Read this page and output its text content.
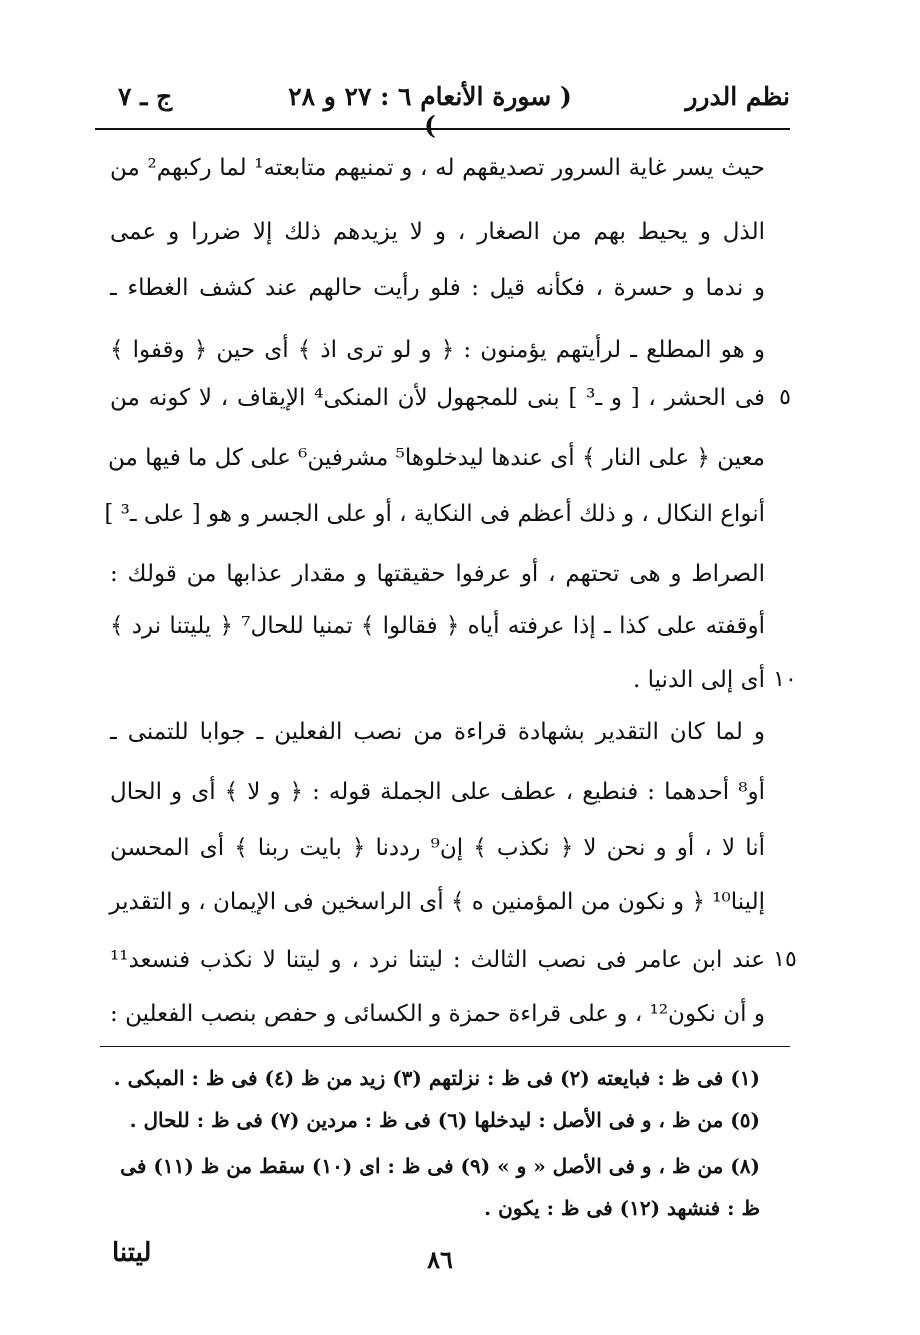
ج ـ ٧	( سورة الأنعام ٦ : ٢٧ و ٢٨ )
نظم الدرر
حيث يسر غاية السرور تصديقهم له ، و تمنيهم متابعته¹ لما ركبهم² من
الذل و يحيط بهم من الصغار ، و لا يزيدهم ذلك إلا ضررا و عمى
و ندما و حسرة ، فكأنه قيل : فلو رأيت حالهم عند كشف الغطاء ـ
و هو المطلع ـ لرأيتهم يؤمنون : ﴿ و لو ترى اذ ﴾ أى حين ﴿ وقفوا ﴾
فى الحشر ، [ و ـ³ ] بنى للمجهول لأن المنكى⁴ الإيقاف ، لا كونه من ٥
معين ﴿ على النار ﴾ أى عندها ليدخلوها⁵ مشرفين⁶ على كل ما فيها من
أنواع النكال ، و ذلك أعظم فى النكاية ، أو على الجسر و هو [ على ـ³ ]
الصراط و هى تحتهم ، أو عرفوا حقيقتها و مقدار عذابها من قولك :
أوقفته على كذا ـ إذا عرفته أياه ﴿ فقالوا ﴾ تمنيا للحال⁷ ﴿ يليتنا نرد ﴾
أى إلى الدنيا . ١٠
و لما كان التقدير بشهادة قراءة من نصب الفعلين ـ جوابا للتمنى ـ
أو⁸ أحدهما : فنطيع ، عطف على الجملة قوله : ﴿ و لا ﴾ أى و الحال
أنا لا ، أو و نحن لا ﴿ نكذب ﴾ إن⁹ رددنا ﴿ بايت ربنا ﴾ أى المحسن
إلينا¹⁰ ﴿ و نكون من المؤمنين ه ﴾ أى الراسخين فى الإيمان ، و التقدير
عند ابن عامر فى نصب الثالث : ليتنا نرد ، و ليتنا لا نكذب فنسعد¹¹ ١٥
و أن نكون¹² ، و على قراءة حمزة و الكسائى و حفص بنصب الفعلين :
(١) فى ظ : فبايعته (٢) فى ظ : نزلتهم (٣) زيد من ظ (٤) فى ظ : المبكى .
(٥) من ظ ، و فى الأصل : ليدخلها (٦) فى ظ : مردين (٧) فى ظ : للحال .
(٨) من ظ ، و فى الأصل « و » (٩) فى ظ : اى (١٠) سقط من ظ (١١) فى
ظ : فنشهد (١٢) فى ظ : يكون .
٨٦
ليتنا
